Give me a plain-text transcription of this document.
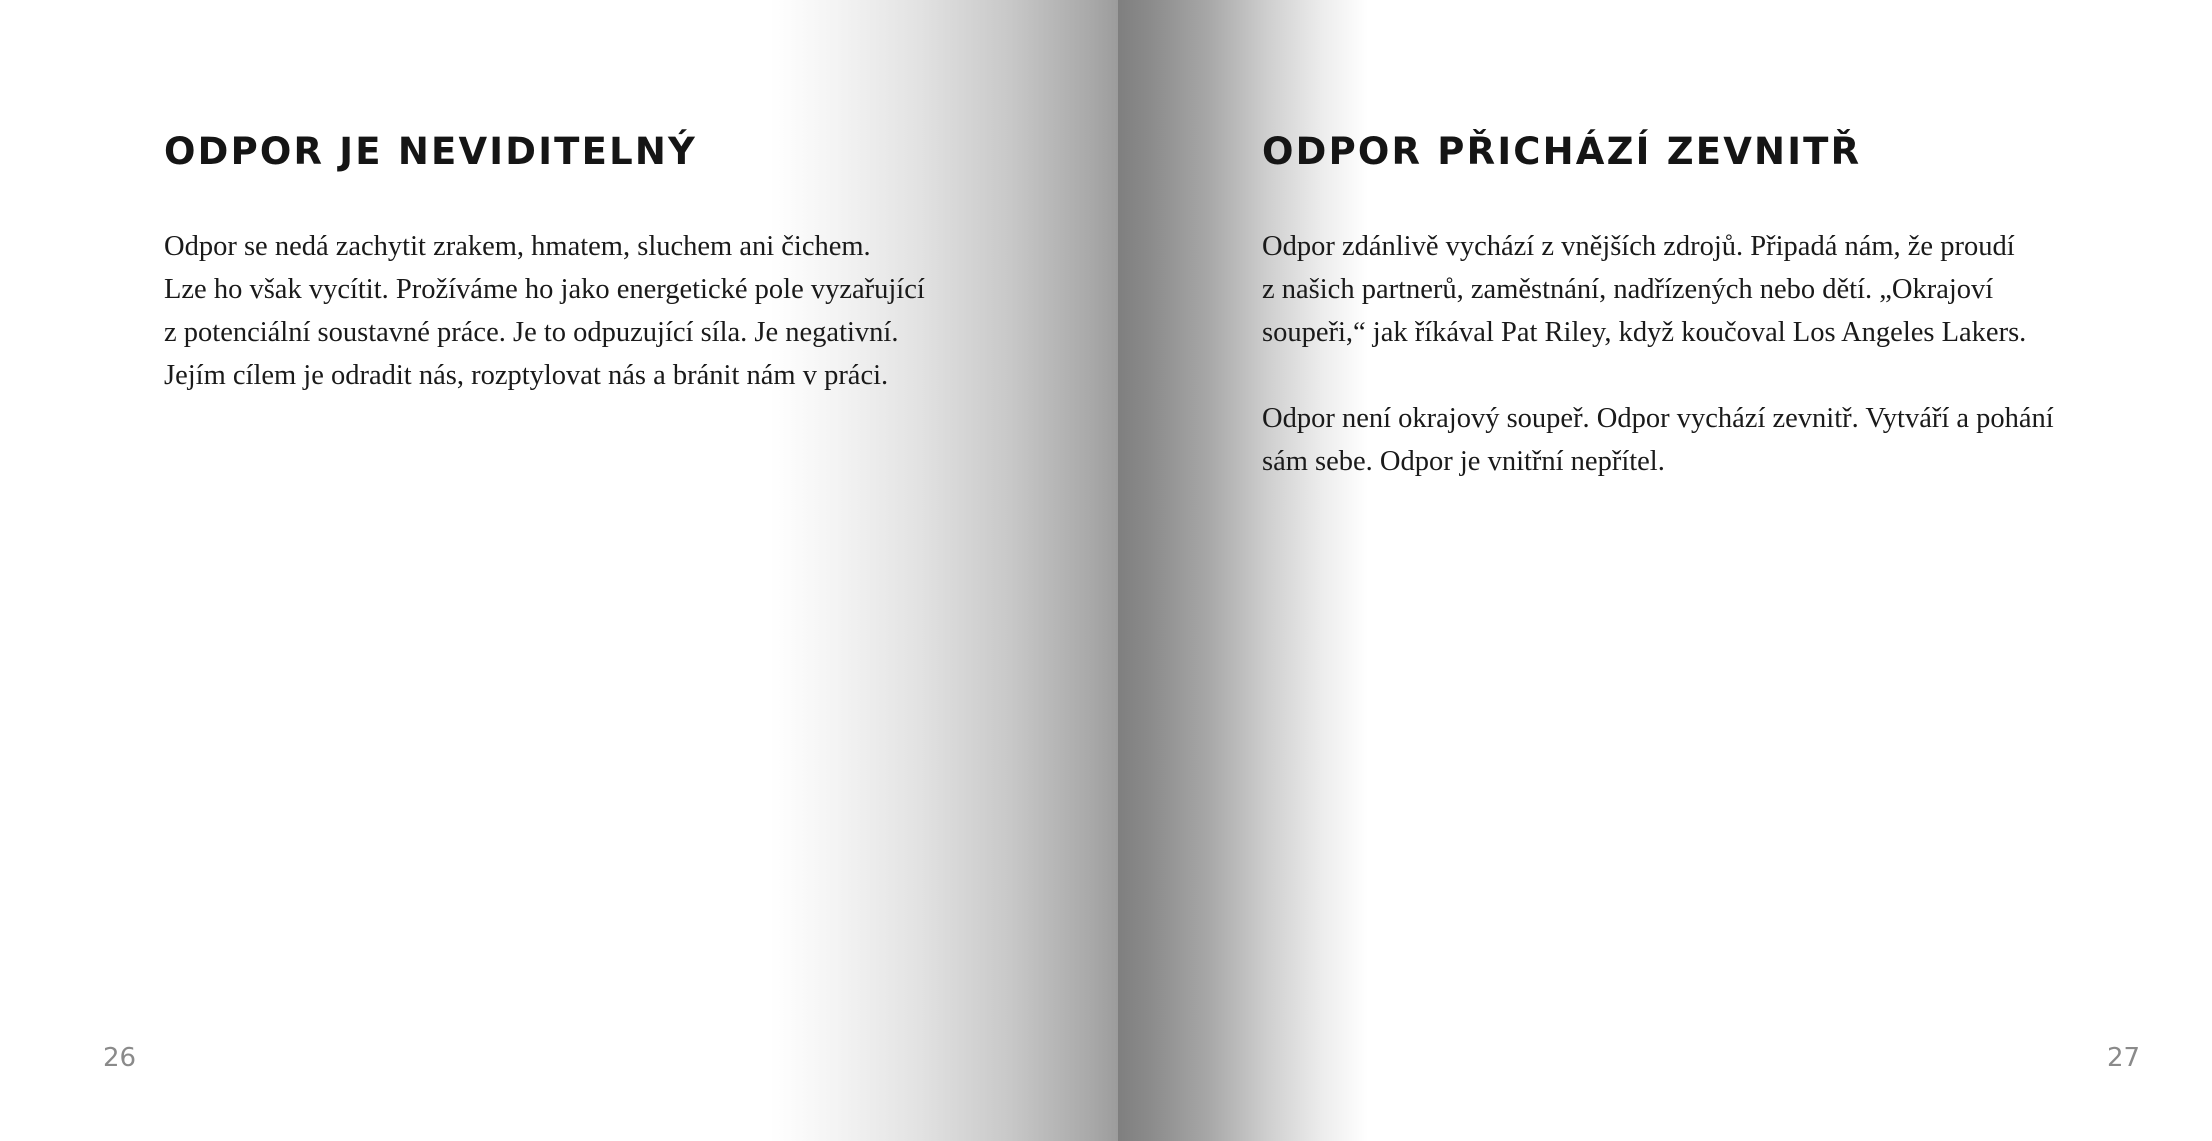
ODPOR JE NEVIDITELNÝ

Odpor se nedá zachytit zrakem, hmatem, sluchem ani čichem.
Lze ho však vycítit. Prožíváme ho jako energetické pole vyzařující
z potenciální soustavné práce. Je to odpuzující síla. Je negativní.
Jejím cílem je odradit nás, rozptylovat nás a bránit nám v práci.

26

ODPOR PŘICHÁZÍ ZEVNITŘ

Odpor zdánlivě vychází z vnějších zdrojů. Připadá nám, že proudí
z našich partnerů, zaměstnání, nadřízených nebo dětí. „Okrajoví
soupeři,“ jak říkával Pat Riley, když koučoval Los Angeles Lakers.

Odpor není okrajový soupeř. Odpor vychází zevnitř. Vytváří a pohání
sám sebe. Odpor je vnitřní nepřítel.

27
